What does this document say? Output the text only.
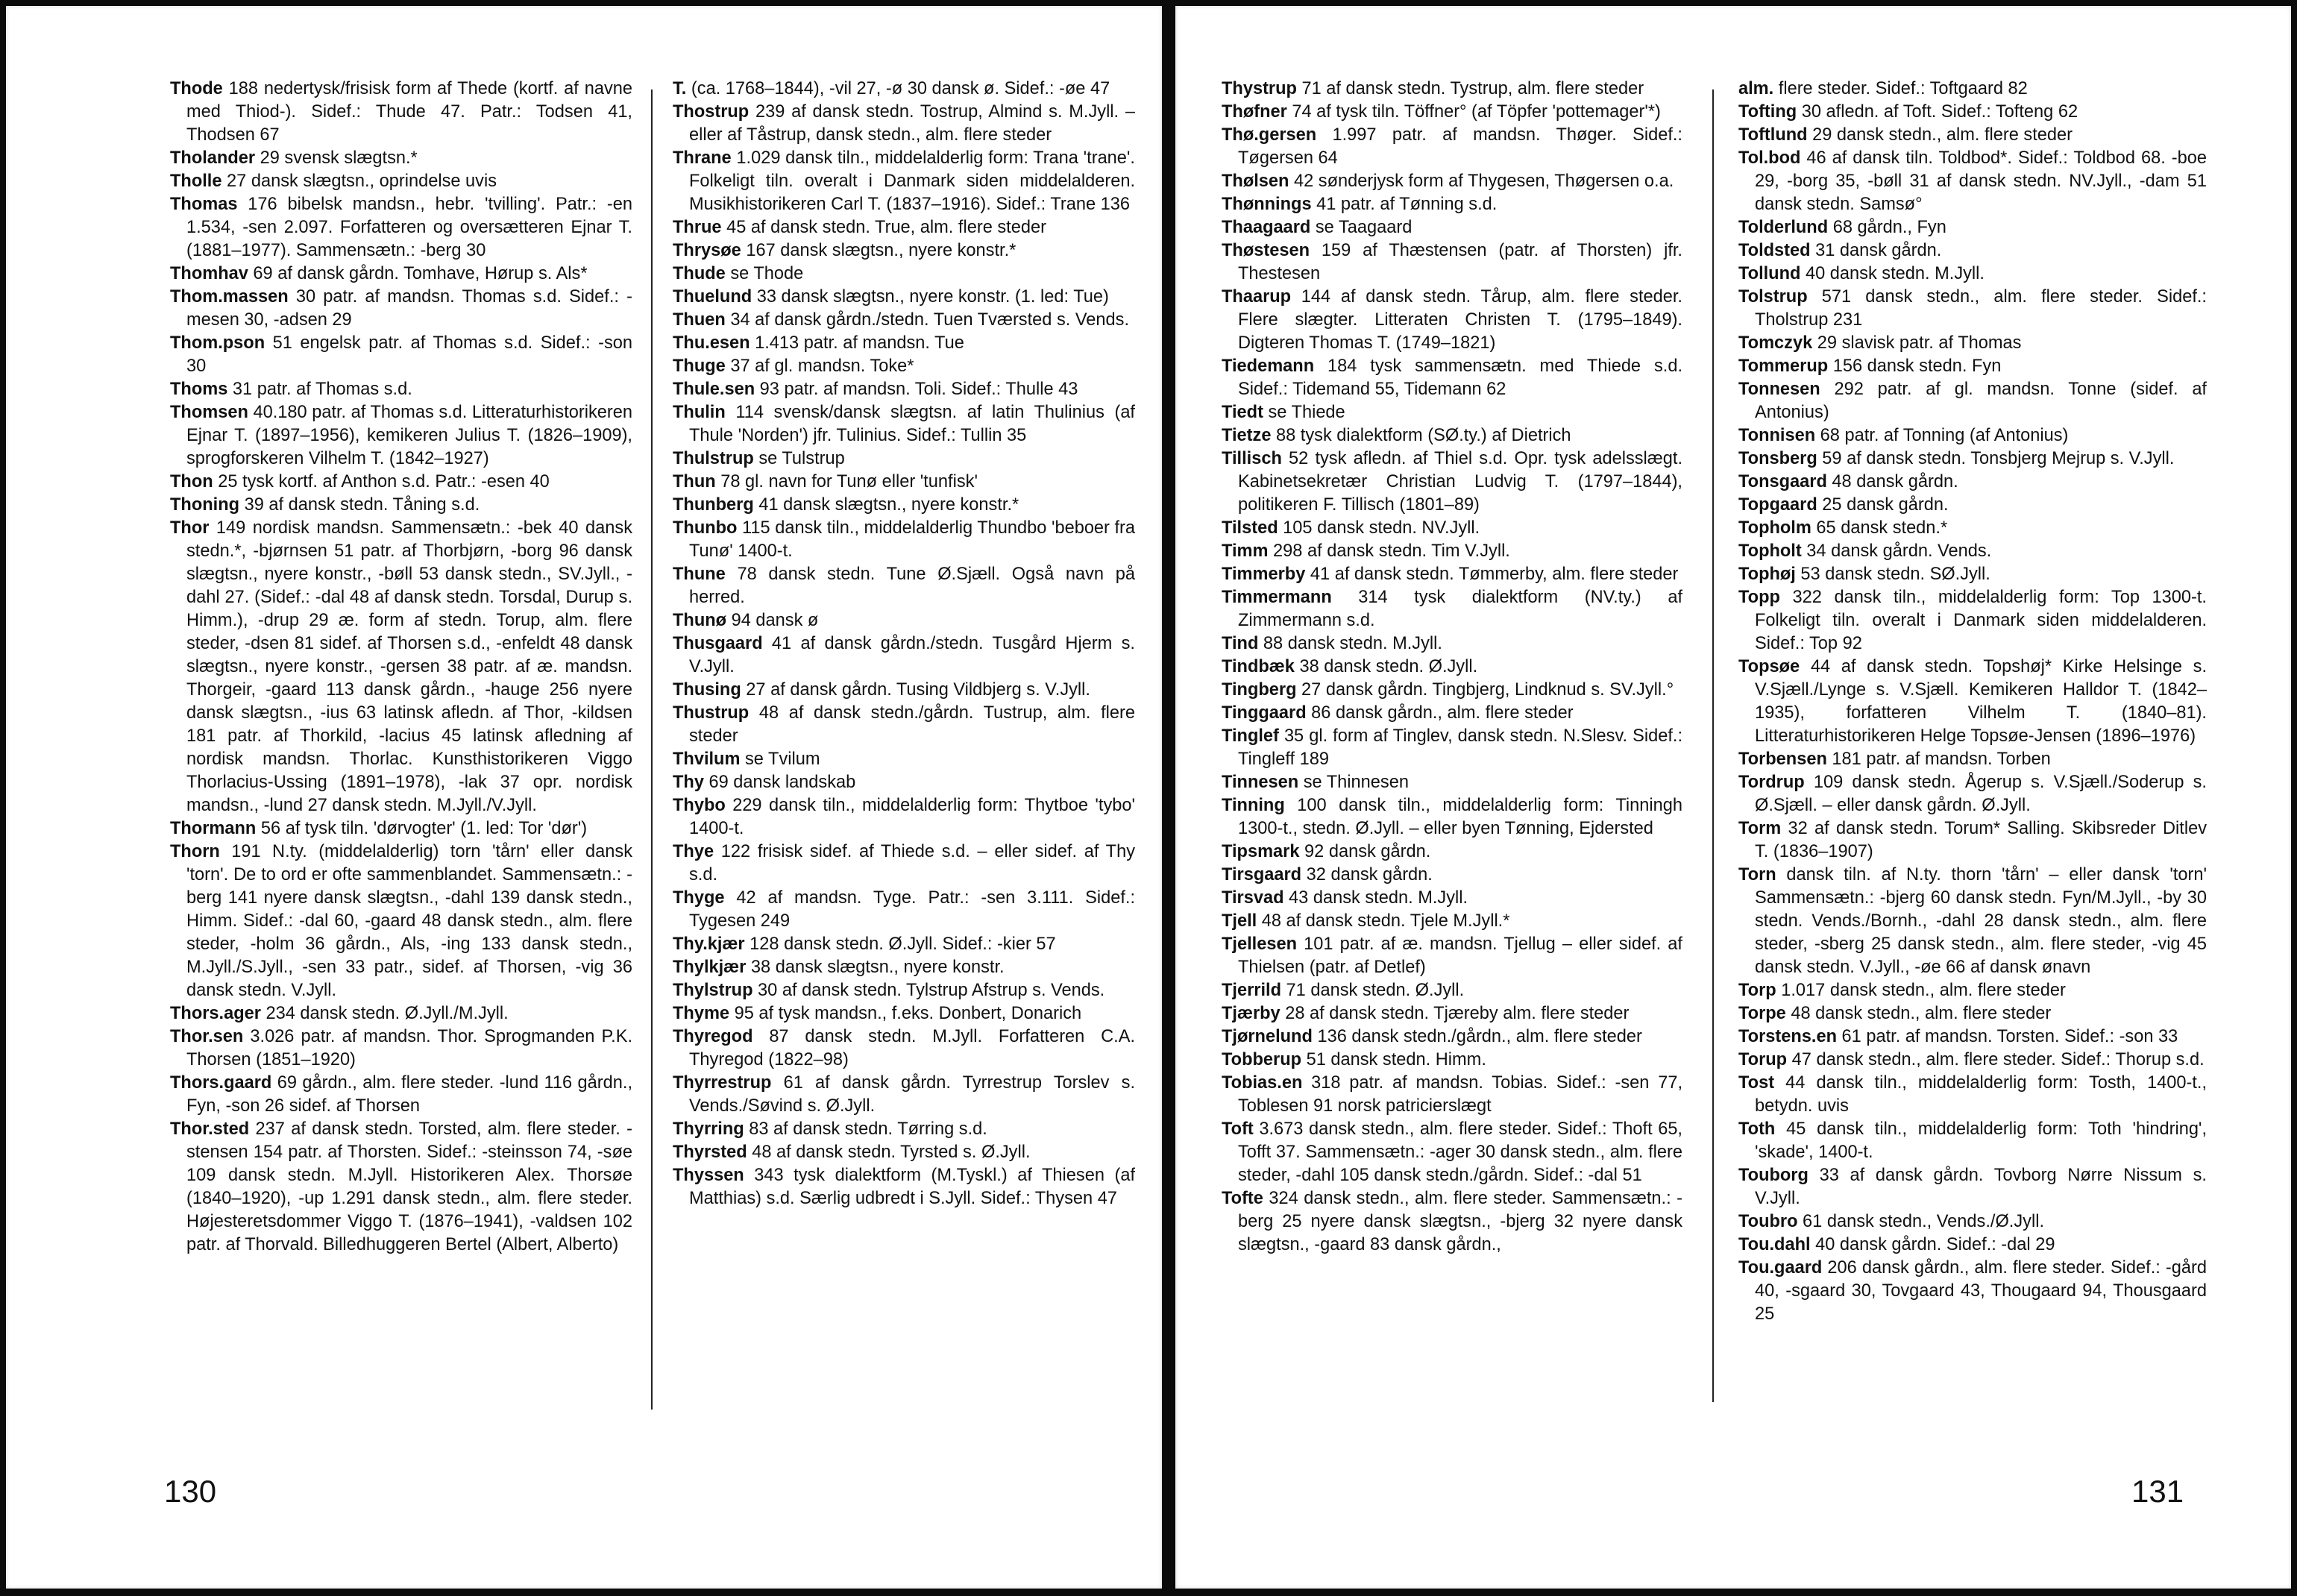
Thode 188 nedertysk/frisisk form af Thede (kortf. af navne med Thiod-). Sidef.: Thude 47. Patr.: Todsen 41, Thodsen 67
Tholander 29 svensk slægtsn.*
Tholle 27 dansk slægtsn., oprindelse uvis
Thomas 176 bibelsk mandsn., hebr. 'tvilling'. Patr.: -en 1.534, -sen 2.097. Forfatteren og oversætteren Ejnar T. (1881–1977). Sammensætn.: -berg 30
Thomhav 69 af dansk gårdn. Tomhave, Hørup s. Als*
Thom.massen 30 patr. af mandsn. Thomas s.d. Sidef.: -mesen 30, -adsen 29
Thom.pson 51 engelsk patr. af Thomas s.d. Sidef.: -son 30
Thoms 31 patr. af Thomas s.d.
Thomsen 40.180 patr. af Thomas s.d. Litteraturhistorikeren Ejnar T. (1897–1956), kemikeren Julius T. (1826–1909), sprogforskeren Vilhelm T. (1842–1927)
Thon 25 tysk kortf. af Anthon s.d. Patr.: -esen 40
Thoning 39 af dansk stedn. Tåning s.d.
Thor 149 nordisk mandsn. Sammensætn.: -bek 40 dansk stedn.*, -bjørnsen 51 patr. af Thorbjørn, -borg 96 dansk slægtsn., nyere konstr., -bøll 53 dansk stedn., SV.Jyll., -dahl 27. (Sidef.: -dal 48 af dansk stedn. Torsdal, Durup s. Himm.), -drup 29 æ. form af stedn. Torup, alm. flere steder, -dsen 81 sidef. af Thorsen s.d., -enfeldt 48 dansk slægtsn., nyere konstr., -gersen 38 patr. af æ. mandsn. Thorgeir, -gaard 113 dansk gårdn., -hauge 256 nyere dansk slægtsn., -ius 63 latinsk afledn. af Thor, -kildsen 181 patr. af Thorkild, -lacius 45 latinsk afledning af nordisk mandsn. Thorlac. Kunsthistorikeren Viggo Thorlacius-Ussing (1891–1978), -lak 37 opr. nordisk mandsn., -lund 27 dansk stedn. M.Jyll./V.Jyll.
Thormann 56 af tysk tiln. 'dørvogter' (1. led: Tor 'dør')
Thorn 191 N.ty. (middelalderlig) torn 'tårn' eller dansk 'torn'. De to ord er ofte sammenblandet. Sammensætn.: -berg 141 nyere dansk slægtsn., -dahl 139 dansk stedn., Himm. Sidef.: -dal 60, -gaard 48 dansk stedn., alm. flere steder, -holm 36 gårdn., Als, -ing 133 dansk stedn., M.Jyll./S.Jyll., -sen 33 patr., sidef. af Thorsen, -vig 36 dansk stedn. V.Jyll.
Thors.ager 234 dansk stedn. Ø.Jyll./M.Jyll.
Thor.sen 3.026 patr. af mandsn. Thor. Sprogmanden P.K. Thorsen (1851–1920)
Thors.gaard 69 gårdn., alm. flere steder. -lund 116 gårdn., Fyn, -son 26 sidef. af Thorsen
Thor.sted 237 af dansk stedn. Torsted, alm. flere steder. -stensen 154 patr. af Thorsten. Sidef.: -steinsson 74, -søe 109 dansk stedn. M.Jyll. Historikeren Alex. Thorsøe (1840–1920), -up 1.291 dansk stedn., alm. flere steder. Højesteretsdommer Viggo T. (1876–1941), -valdsen 102 patr. af Thorvald. Billedhuggeren Bertel (Albert, Alberto)
T. (ca. 1768–1844), -vil 27, -ø 30 dansk ø. Sidef.: -øe 47
Thostrup 239 af dansk stedn. Tostrup, Almind s. M.Jyll. – eller af Tåstrup, dansk stedn., alm. flere steder
Thrane 1.029 dansk tiln., middelalderlig form: Trana 'trane'. Folkeligt tiln. overalt i Danmark siden middelalderen. Musikhistorikeren Carl T. (1837–1916). Sidef.: Trane 136
Thrue 45 af dansk stedn. True, alm. flere steder
Thrysøe 167 dansk slægtsn., nyere konstr.*
Thude se Thode
Thuelund 33 dansk slægtsn., nyere konstr. (1. led: Tue)
Thuen 34 af dansk gårdn./stedn. Tuen Tværsted s. Vends.
Thu.esen 1.413 patr. af mandsn. Tue
Thuge 37 af gl. mandsn. Toke*
Thule.sen 93 patr. af mandsn. Toli. Sidef.: Thulle 43
Thulin 114 svensk/dansk slægtsn. af latin Thulinius (af Thule 'Norden') jfr. Tulinius. Sidef.: Tullin 35
Thulstrup se Tulstrup
Thun 78 gl. navn for Tunø eller 'tunfisk'
Thunberg 41 dansk slægtsn., nyere konstr.*
Thunbo 115 dansk tiln., middelalderlig Thundbo 'beboer fra Tunø' 1400-t.
Thune 78 dansk stedn. Tune Ø.Sjæll. Også navn på herred.
Thunø 94 dansk ø
Thusgaard 41 af dansk gårdn./stedn. Tusgård Hjerm s. V.Jyll.
Thusing 27 af dansk gårdn. Tusing Vildbjerg s. V.Jyll.
Thustrup 48 af dansk stedn./gårdn. Tustrup, alm. flere steder
Thvilum se Tvilum
Thy 69 dansk landskab
Thybo 229 dansk tiln., middelalderlig form: Thytboe 'tybo' 1400-t.
Thye 122 frisisk sidef. af Thiede s.d. – eller sidef. af Thy s.d.
Thyge 42 af mandsn. Tyge. Patr.: -sen 3.111. Sidef.: Tygesen 249
Thy.kjær 128 dansk stedn. Ø.Jyll. Sidef.: -kier 57
Thylkjær 38 dansk slægtsn., nyere konstr.
Thylstrup 30 af dansk stedn. Tylstrup Afstrup s. Vends.
Thyme 95 af tysk mandsn., f.eks. Donbert, Donarich
Thyregod 87 dansk stedn. M.Jyll. Forfatteren C.A. Thyregod (1822–98)
Thyrrestrup 61 af dansk gårdn. Tyrrestrup Torslev s. Vends./Søvind s. Ø.Jyll.
Thyrring 83 af dansk stedn. Tørring s.d.
Thyrsted 48 af dansk stedn. Tyrsted s. Ø.Jyll.
Thyssen 343 tysk dialektform (M.Tyskl.) af Thiesen (af Matthias) s.d. Særlig udbredt i S.Jyll. Sidef.: Thysen 47
130
Thystrup 71 af dansk stedn. Tystrup, alm. flere steder
Thøfner 74 af tysk tiln. Töffner° (af Töpfer 'pottemager'*)
Thø.gersen 1.997 patr. af mandsn. Thøger. Sidef.: Tøgersen 64
Thølsen 42 sønderjysk form af Thygesen, Thøgersen o.a.
Thønnings 41 patr. af Tønning s.d.
Thaagaard se Taagaard
Thøstesen 159 af Thæstensen (patr. af Thorsten) jfr. Thestesen
Thaarup 144 af dansk stedn. Tårup, alm. flere steder. Flere slægter. Litteraten Christen T. (1795–1849). Digteren Thomas T. (1749–1821)
Tiedemann 184 tysk sammensætn. med Thiede s.d. Sidef.: Tidemand 55, Tidemann 62
Tiedt se Thiede
Tietze 88 tysk dialektform (SØ.ty.) af Dietrich
Tillisch 52 tysk afledn. af Thiel s.d. Opr. tysk adelsslægt. Kabinetsekretær Christian Ludvig T. (1797–1844), politikeren F. Tillisch (1801–89)
Tilsted 105 dansk stedn. NV.Jyll.
Timm 298 af dansk stedn. Tim V.Jyll.
Timmerby 41 af dansk stedn. Tømmerby, alm. flere steder
Timmermann 314 tysk dialektform (NV.ty.) af Zimmermann s.d.
Tind 88 dansk stedn. M.Jyll.
Tindbæk 38 dansk stedn. Ø.Jyll.
Tingberg 27 dansk gårdn. Tingbjerg, Lindknud s. SV.Jyll.°
Tinggaard 86 dansk gårdn., alm. flere steder
Tinglef 35 gl. form af Tinglev, dansk stedn. N.Slesv. Sidef.: Tingleff 189
Tinnesen se Thinnesen
Tinning 100 dansk tiln., middelalderlig form: Tinningh 1300-t., stedn. Ø.Jyll. – eller byen Tønning, Ejdersted
Tipsmark 92 dansk gårdn.
Tirsgaard 32 dansk gårdn.
Tirsvad 43 dansk stedn. M.Jyll.
Tjell 48 af dansk stedn. Tjele M.Jyll.*
Tjellesen 101 patr. af æ. mandsn. Tjellug – eller sidef. af Thielsen (patr. af Detlef)
Tjerrild 71 dansk stedn. Ø.Jyll.
Tjærby 28 af dansk stedn. Tjæreby alm. flere steder
Tjørnelund 136 dansk stedn./gårdn., alm. flere steder
Tobberup 51 dansk stedn. Himm.
Tobias.en 318 patr. af mandsn. Tobias. Sidef.: -sen 77, Toblesen 91 norsk patricierslægt
Toft 3.673 dansk stedn., alm. flere steder. Sidef.: Thoft 65, Tofft 37. Sammensætn.: -ager 30 dansk stedn., alm. flere steder, -dahl 105 dansk stedn./gårdn. Sidef.: -dal 51
Tofte 324 dansk stedn., alm. flere steder. Sammensætn.: -berg 25 nyere dansk slægtsn., -bjerg 32 nyere dansk slægtsn., -gaard 83 dansk gårdn.,
alm. flere steder. Sidef.: Toftgaard 82
Tofting 30 afledn. af Toft. Sidef.: Tofteng 62
Toftlund 29 dansk stedn., alm. flere steder
Tol.bod 46 af dansk tiln. Toldbod*. Sidef.: Toldbod 68. -boe 29, -borg 35, -bøll 31 af dansk stedn. NV.Jyll., -dam 51 dansk stedn. Samsø°
Tolderlund 68 gårdn., Fyn
Toldsted 31 dansk gårdn.
Tollund 40 dansk stedn. M.Jyll.
Tolstrup 571 dansk stedn., alm. flere steder. Sidef.: Tholstrup 231
Tomczyk 29 slavisk patr. af Thomas
Tommerup 156 dansk stedn. Fyn
Tonnesen 292 patr. af gl. mandsn. Tonne (sidef. af Antonius)
Tonnisen 68 patr. af Tonning (af Antonius)
Tonsberg 59 af dansk stedn. Tonsbjerg Mejrup s. V.Jyll.
Tonsgaard 48 dansk gårdn.
Topgaard 25 dansk gårdn.
Topholm 65 dansk stedn.*
Topholt 34 dansk gårdn. Vends.
Tophøj 53 dansk stedn. SØ.Jyll.
Topp 322 dansk tiln., middelalderlig form: Top 1300-t. Folkeligt tiln. overalt i Danmark siden middelalderen. Sidef.: Top 92
Topsøe 44 af dansk stedn. Topshøj* Kirke Helsinge s. V.Sjæll./Lynge s. V.Sjæll. Kemikeren Halldor T. (1842–1935), forfatteren Vilhelm T. (1840–81). Litteraturhistorikeren Helge Topsøe-Jensen (1896–1976)
Torbensen 181 patr. af mandsn. Torben
Tordrup 109 dansk stedn. Ågerup s. V.Sjæll./Soderup s. Ø.Sjæll. – eller dansk gårdn. Ø.Jyll.
Torm 32 af dansk stedn. Torum* Salling. Skibsreder Ditlev T. (1836–1907)
Torn dansk tiln. af N.ty. thorn 'tårn' – eller dansk 'torn' Sammensætn.: -bjerg 60 dansk stedn. Fyn/M.Jyll., -by 30 stedn. Vends./Bornh., -dahl 28 dansk stedn., alm. flere steder, -sberg 25 dansk stedn., alm. flere steder, -vig 45 dansk stedn. V.Jyll., -øe 66 af dansk ønavn
Torp 1.017 dansk stedn., alm. flere steder
Torpe 48 dansk stedn., alm. flere steder
Torstens.en 61 patr. af mandsn. Torsten. Sidef.: -son 33
Torup 47 dansk stedn., alm. flere steder. Sidef.: Thorup s.d.
Tost 44 dansk tiln., middelalderlig form: Tosth, 1400-t., betydn. uvis
Toth 45 dansk tiln., middelalderlig form: Toth 'hindring', 'skade', 1400-t.
Touborg 33 af dansk gårdn. Tovborg Nørre Nissum s. V.Jyll.
Toubro 61 dansk stedn., Vends./Ø.Jyll.
Tou.dahl 40 dansk gårdn. Sidef.: -dal 29
Tou.gaard 206 dansk gårdn., alm. flere steder. Sidef.: -gård 40, -sgaard 30, Tovgaard 43, Thougaard 94, Thousgaard 25
131
